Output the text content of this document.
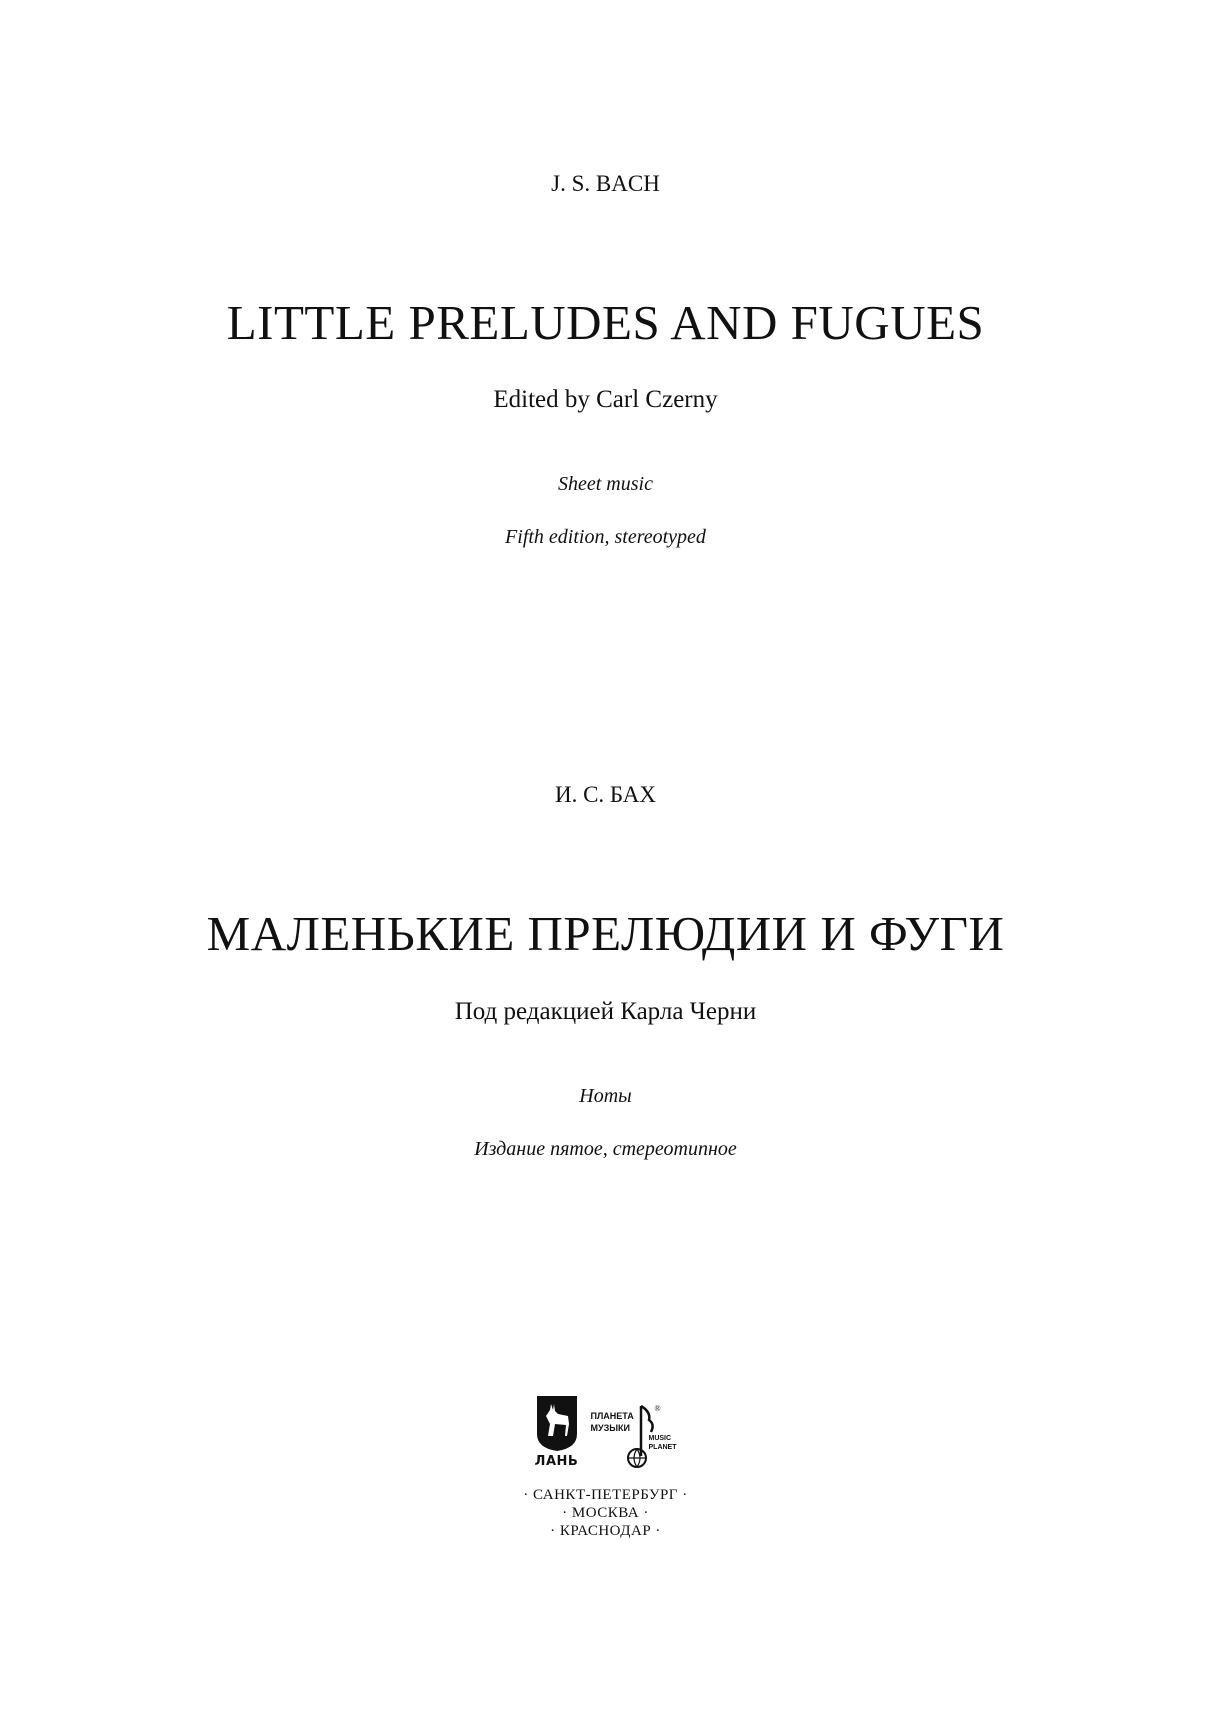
J. S. BACH
LITTLE PRELUDES AND FUGUES
Edited by Carl Czerny
Sheet music
Fifth edition, stereotyped
И. С. БАХ
МАЛЕНЬКИЕ ПРЕЛЮДИИ И ФУГИ
Под редакцией Карла Черни
Ноты
Издание пятое, стереотипное
ЛАНЬ
ПЛАНЕТА
МУЗЫКИ
®
MUSIC
PLANET
· САНКТ-ПЕТЕРБУРГ ·
· МОСКВА ·
· КРАСНОДАР ·
